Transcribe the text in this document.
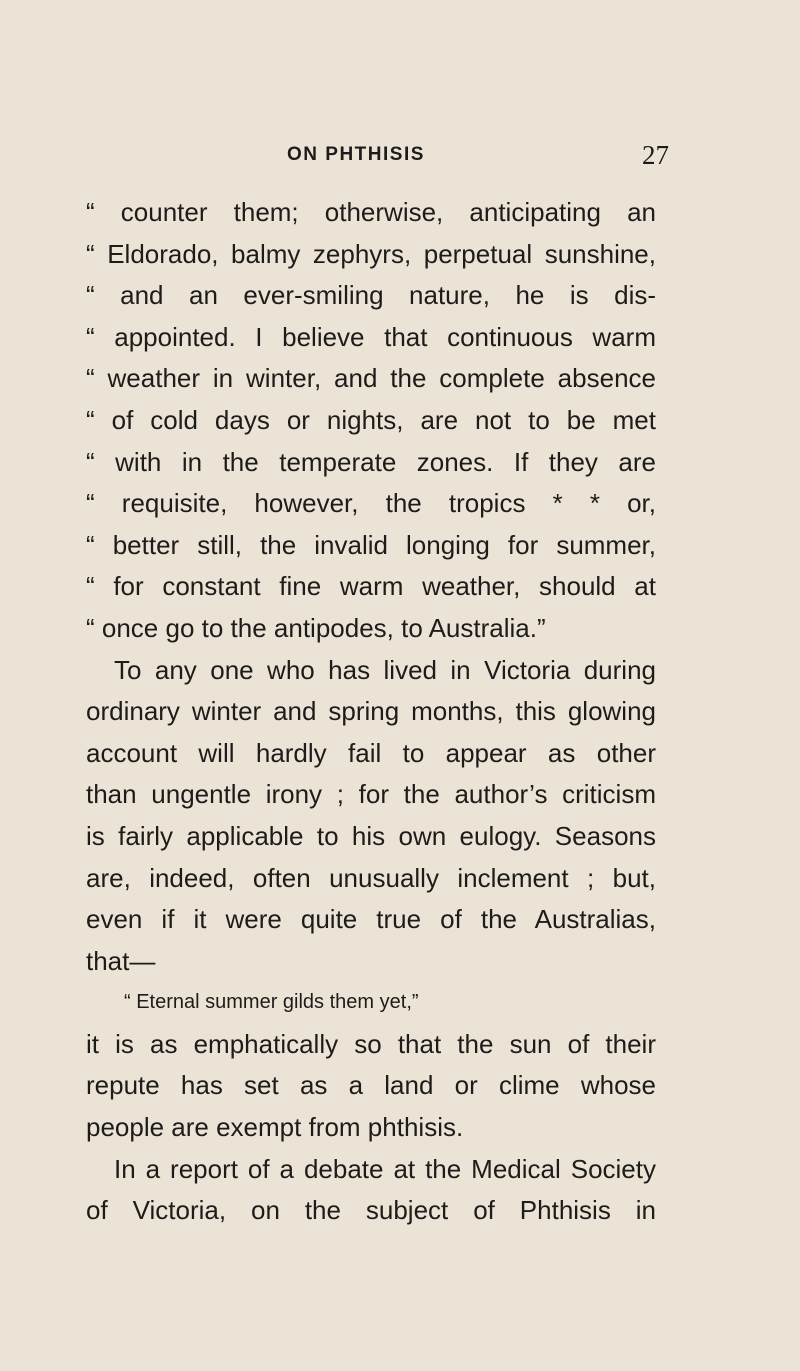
ON PHTHISIS	27
“ counter them; otherwise, anticipating an
“ Eldorado, balmy zephyrs, perpetual sunshine,
“ and an ever-smiling nature, he is dis-
“ appointed. I believe that continuous warm
“ weather in winter, and the complete absence
“ of cold days or nights, are not to be met
“ with in the temperate zones. If they are
“ requisite, however, the tropics * * or,
“ better still, the invalid longing for summer,
“ for constant fine warm weather, should at
“ once go to the antipodes, to Australia.”
To any one who has lived in Victoria during
ordinary winter and spring months, this glowing
account will hardly fail to appear as other
than ungentle irony ; for the author’s criticism
is fairly applicable to his own eulogy. Seasons
are, indeed, often unusually inclement ; but,
even if it were quite true of the Australias,
that—
“ Eternal summer gilds them yet,”
it is as emphatically so that the sun of their
repute has set as a land or clime whose
people are exempt from phthisis.
In a report of a debate at the Medical Society
of Victoria, on the subject of Phthisis in
